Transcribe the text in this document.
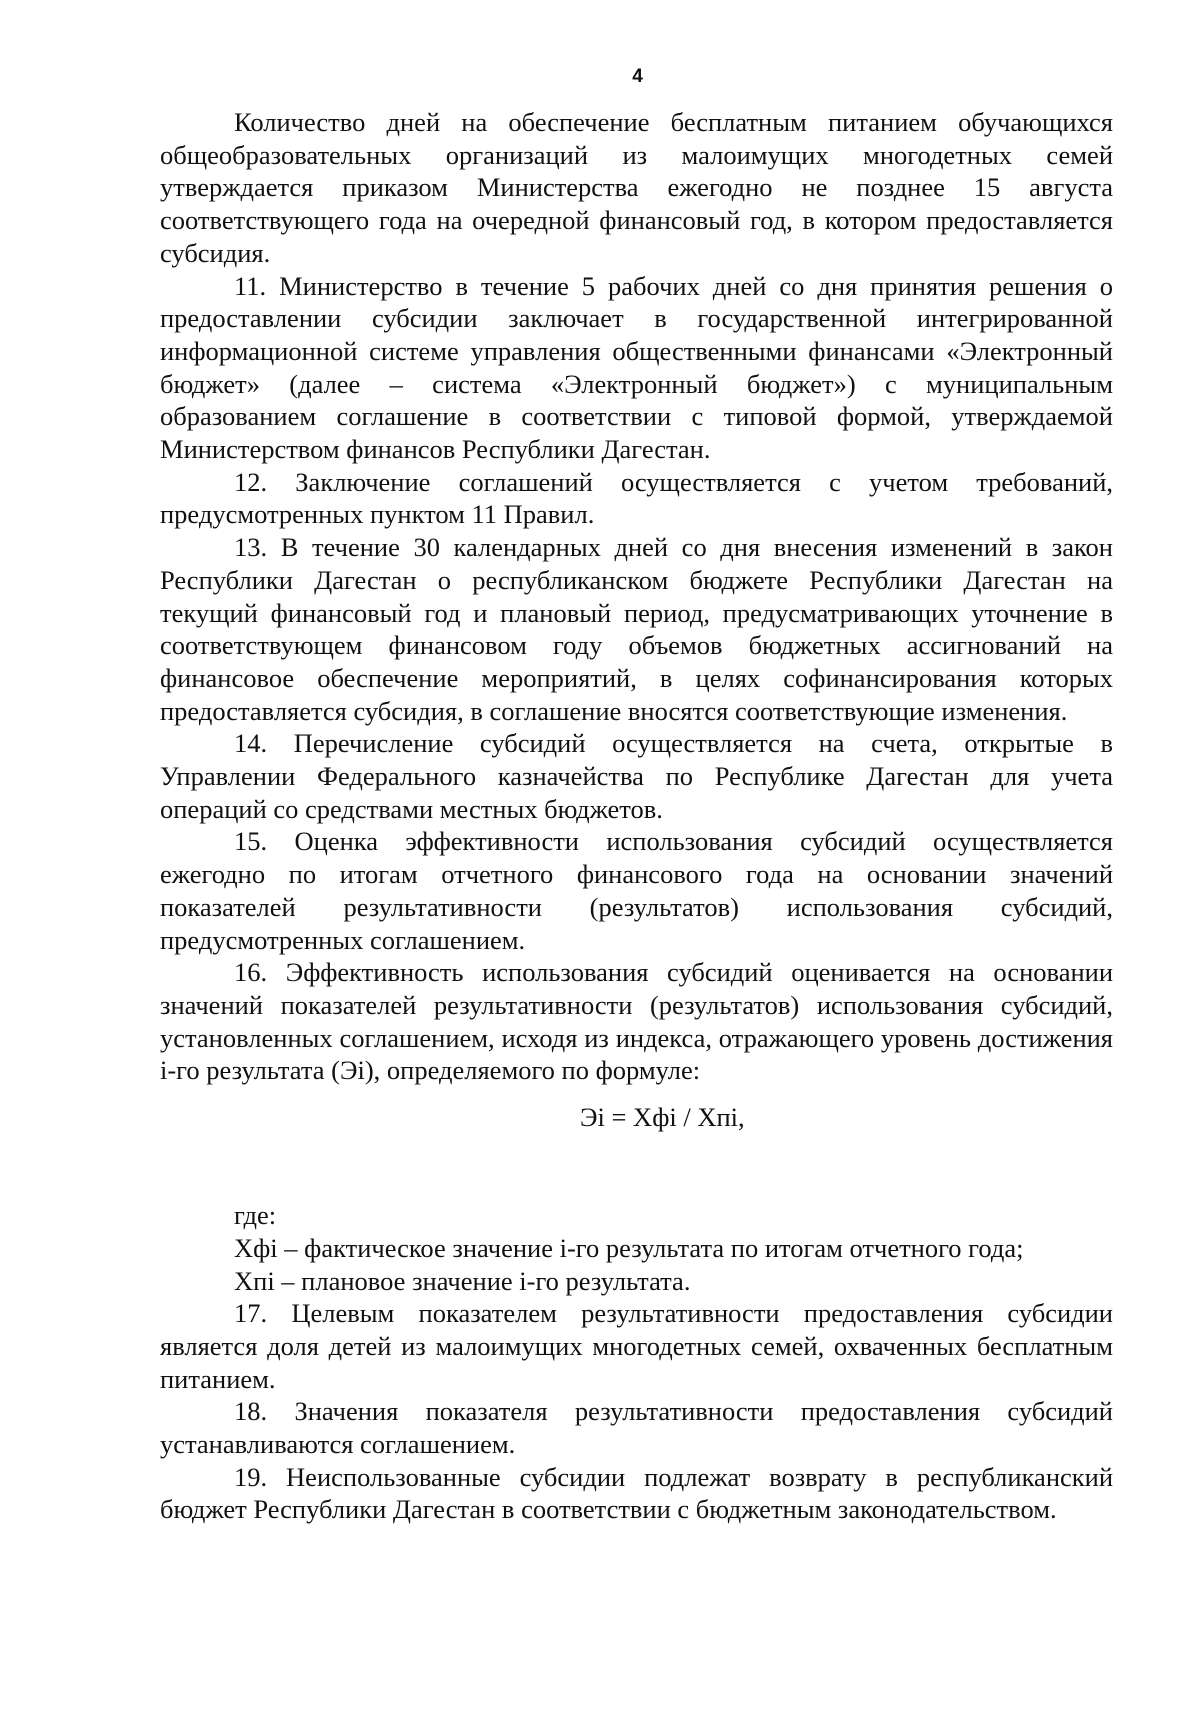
4

Количество дней на обеспечение бесплатным питанием обучающихся общеобразовательных организаций из малоимущих многодетных семей утверждается приказом Министерства ежегодно не позднее 15 августа соответствующего года на очередной финансовый год, в котором предоставляется субсидия.

11. Министерство в течение 5 рабочих дней со дня принятия решения о предоставлении субсидии заключает в государственной интегрированной информационной системе управления общественными финансами «Электронный бюджет» (далее – система «Электронный бюджет») с муниципальным образованием соглашение в соответствии с типовой формой, утверждаемой Министерством финансов Республики Дагестан.

12. Заключение соглашений осуществляется с учетом требований, предусмотренных пунктом 11 Правил.

13. В течение 30 календарных дней со дня внесения изменений в закон Республики Дагестан о республиканском бюджете Республики Дагестан на текущий финансовый год и плановый период, предусматривающих уточнение в соответствующем финансовом году объемов бюджетных ассигнований на финансовое обеспечение мероприятий, в целях софинансирования которых предоставляется субсидия, в соглашение вносятся соответствующие изменения.

14. Перечисление субсидий осуществляется на счета, открытые в Управлении Федерального казначейства по Республике Дагестан для учета операций со средствами местных бюджетов.

15. Оценка эффективности использования субсидий осуществляется ежегодно по итогам отчетного финансового года на основании значений показателей результативности (результатов) использования субсидий, предусмотренных соглашением.

16. Эффективность использования субсидий оценивается на основании значений показателей результативности (результатов) использования субсидий, установленных соглашением, исходя из индекса, отражающего уровень достижения i-го результата (Эi), определяемого по формуле:

Эi = Xфi / Xпi,

где:

Xфi – фактическое значение i-го результата по итогам отчетного года;

Xпi – плановое значение i-го результата.

17. Целевым показателем результативности предоставления субсидии является доля детей из малоимущих многодетных семей, охваченных бесплатным питанием.

18. Значения показателя результативности предоставления субсидий устанавливаются соглашением.

19. Неиспользованные субсидии подлежат возврату в республиканский бюджет Республики Дагестан в соответствии с бюджетным законодательством.
